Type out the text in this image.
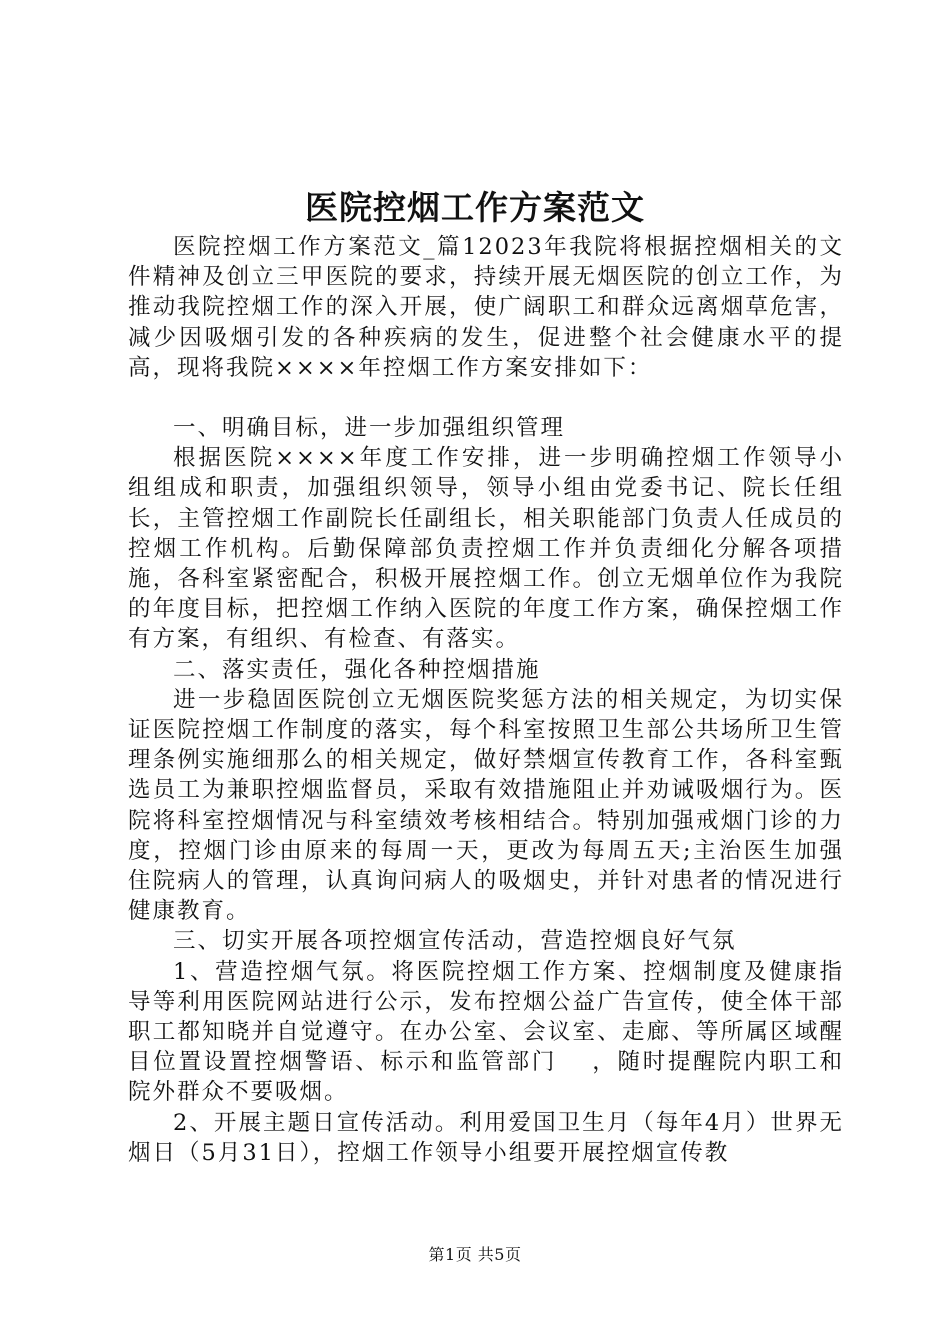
医院控烟工作方案范文

医院控烟工作方案范文_篇12023年我院将根据控烟相关的文件精神及创立三甲医院的要求，持续开展无烟医院的创立工作，为推动我院控烟工作的深入开展，使广阔职工和群众远离烟草危害，减少因吸烟引发的各种疾病的发生，促进整个社会健康水平的提高，现将我院××××年控烟工作方案安排如下：

一、明确目标，进一步加强组织管理

根据医院××××年度工作安排，进一步明确控烟工作领导小组组成和职责，加强组织领导，领导小组由党委书记、院长任组长，主管控烟工作副院长任副组长，相关职能部门负责人任成员的控烟工作机构。后勤保障部负责控烟工作并负责细化分解各项措施，各科室紧密配合，积极开展控烟工作。创立无烟单位作为我院的年度目标，把控烟工作纳入医院的年度工作方案，确保控烟工作有方案，有组织、有检查、有落实。

二、落实责任，强化各种控烟措施

进一步稳固医院创立无烟医院奖惩方法的相关规定，为切实保证医院控烟工作制度的落实，每个科室按照卫生部公共场所卫生管理条例实施细那么的相关规定，做好禁烟宣传教育工作，各科室甄选员工为兼职控烟监督员，采取有效措施阻止并劝诫吸烟行为。医院将科室控烟情况与科室绩效考核相结合。特别加强戒烟门诊的力度，控烟门诊由原来的每周一天，更改为每周五天;主治医生加强住院病人的管理，认真询问病人的吸烟史，并针对患者的情况进行健康教育。

三、切实开展各项控烟宣传活动，营造控烟良好气氛

1、营造控烟气氛。将医院控烟工作方案、控烟制度及健康指导等利用医院网站进行公示，发布控烟公益广告宣传，使全体干部职工都知晓并自觉遵守。在办公室、会议室、走廊、等所属区域醒目位置设置控烟警语、标示和监管部门　 ，随时提醒院内职工和院外群众不要吸烟。

2、开展主题日宣传活动。利用爱国卫生月（每年4月）世界无烟日（5月31日），控烟工作领导小组要开展控烟宣传教

第1页 共5页
